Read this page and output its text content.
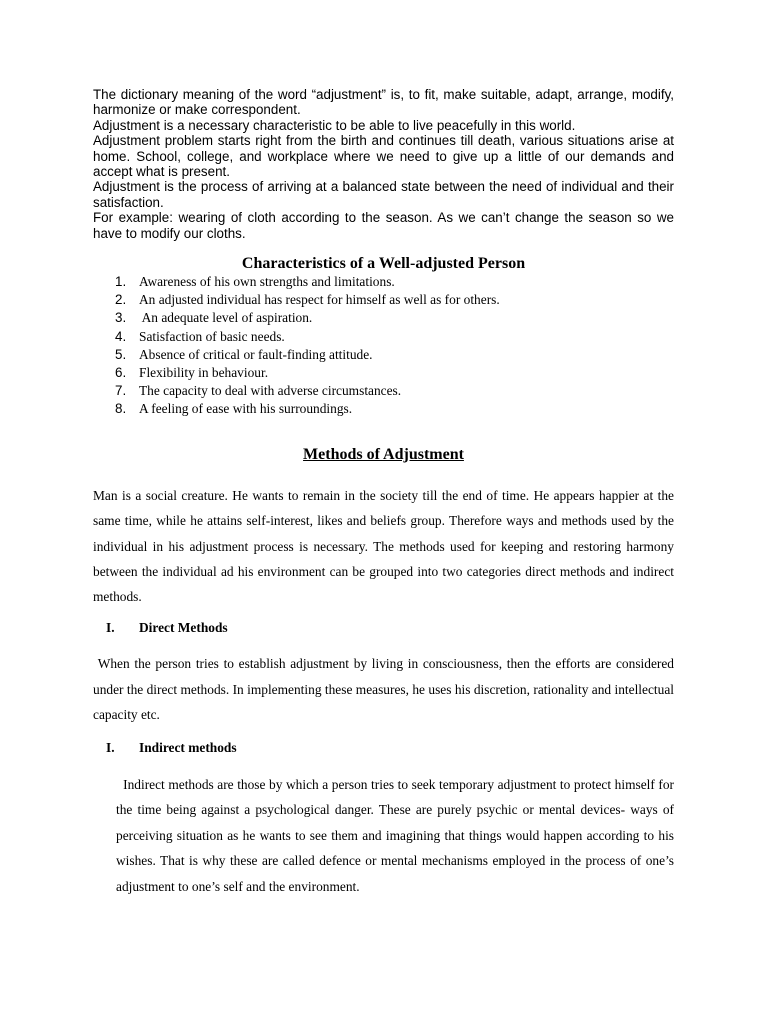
The dictionary meaning of the word “adjustment” is, to fit, make suitable, adapt, arrange, modify, harmonize or make correspondent.

Adjustment is a necessary characteristic to be able to live peacefully in this world.

Adjustment problem starts right from the birth and continues till death, various situations arise at home. School, college, and workplace where we need to give up a little of our demands and accept what is present.

Adjustment is the process of arriving at a balanced state between the need of individual and their satisfaction.

For example: wearing of cloth according to the season. As we can’t change the season so we have to modify our cloths.

Characteristics of a Well-adjusted Person
1. Awareness of his own strengths and limitations.
2. An adjusted individual has respect for himself as well as for others.
3. An adequate level of aspiration.
4. Satisfaction of basic needs.
5. Absence of critical or fault-finding attitude.
6. Flexibility in behaviour.
7. The capacity to deal with adverse circumstances.
8. A feeling of ease with his surroundings.
Methods of Adjustment

Man is a social creature. He wants to remain in the society till the end of time. He appears happier at the same time, while he attains self-interest, likes and beliefs group. Therefore ways and methods used by the individual in his adjustment process is necessary. The methods used for keeping and restoring harmony between the individual ad his environment can be grouped into two categories direct methods and indirect methods.

I. Direct Methods

When the person tries to establish adjustment by living in consciousness, then the efforts are considered under the direct methods. In implementing these measures, he uses his discretion, rationality and intellectual capacity etc.

I. Indirect methods

Indirect methods are those by which a person tries to seek temporary adjustment to protect himself for the time being against a psychological danger. These are purely psychic or mental devices- ways of perceiving situation as he wants to see them and imagining that things would happen according to his wishes. That is why these are called defence or mental mechanisms employed in the process of one’s adjustment to one’s self and the environment.
